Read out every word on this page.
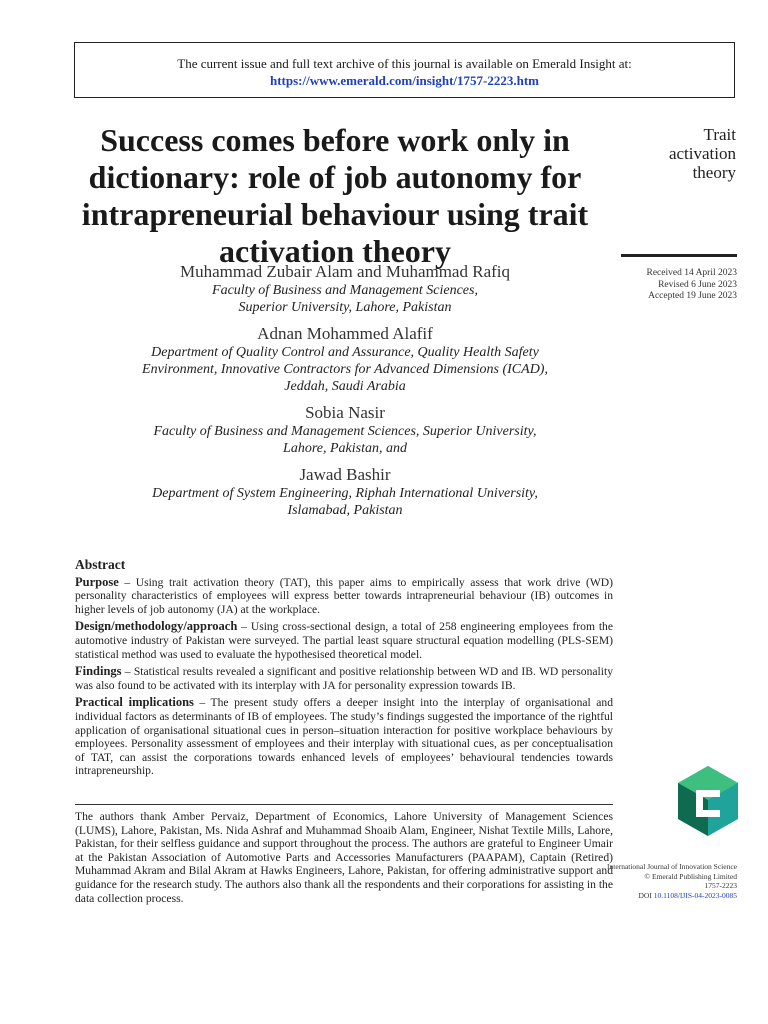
The current issue and full text archive of this journal is available on Emerald Insight at:
https://www.emerald.com/insight/1757-2223.htm
Success comes before work only in dictionary: role of job autonomy for intrapreneurial behaviour using trait activation theory
Trait
activation
theory
Received 14 April 2023
Revised 6 June 2023
Accepted 19 June 2023
Muhammad Zubair Alam and Muhammad Rafiq
Faculty of Business and Management Sciences,
Superior University, Lahore, Pakistan
Adnan Mohammed Alafif
Department of Quality Control and Assurance, Quality Health Safety
Environment, Innovative Contractors for Advanced Dimensions (ICAD),
Jeddah, Saudi Arabia
Sobia Nasir
Faculty of Business and Management Sciences, Superior University,
Lahore, Pakistan, and
Jawad Bashir
Department of System Engineering, Riphah International University,
Islamabad, Pakistan
Abstract

Purpose – Using trait activation theory (TAT), this paper aims to empirically assess that work drive (WD) personality characteristics of employees will express better towards intrapreneurial behaviour (IB) outcomes in higher levels of job autonomy (JA) at the workplace.

Design/methodology/approach – Using cross-sectional design, a total of 258 engineering employees from the automotive industry of Pakistan were surveyed. The partial least square structural equation modelling (PLS-SEM) statistical method was used to evaluate the hypothesised theoretical model.

Findings – Statistical results revealed a significant and positive relationship between WD and IB. WD personality was also found to be activated with its interplay with JA for personality expression towards IB.

Practical implications – The present study offers a deeper insight into the interplay of organisational and individual factors as determinants of IB of employees. The study’s findings suggested the importance of the rightful application of organisational situational cues in person–situation interaction for positive workplace behaviours by employees. Personality assessment of employees and their interplay with situational cues, as per conceptualisation of TAT, can assist the corporations towards enhanced levels of employees’ behavioural tendencies towards intrapreneurship.

The authors thank Amber Pervaiz, Department of Economics, Lahore University of Management Sciences (LUMS), Lahore, Pakistan, Ms. Nida Ashraf and Muhammad Shoaib Alam, Engineer, Nishat Textile Mills, Lahore, Pakistan, for their selfless guidance and support throughout the process. The authors are grateful to Engineer Umair at the Pakistan Association of Automotive Parts and Accessories Manufacturers (PAAPAM), Captain (Retired) Muhammad Akram and Bilal Akram at Hawks Engineers, Lahore, Pakistan, for offering administrative support and guidance for the research study. The authors also thank all the respondents and their corporations for assisting in the data collection process.

International Journal of Innovation Science
© Emerald Publishing Limited
1757-2223
DOI 10.1108/IJIS-04-2023-0085
